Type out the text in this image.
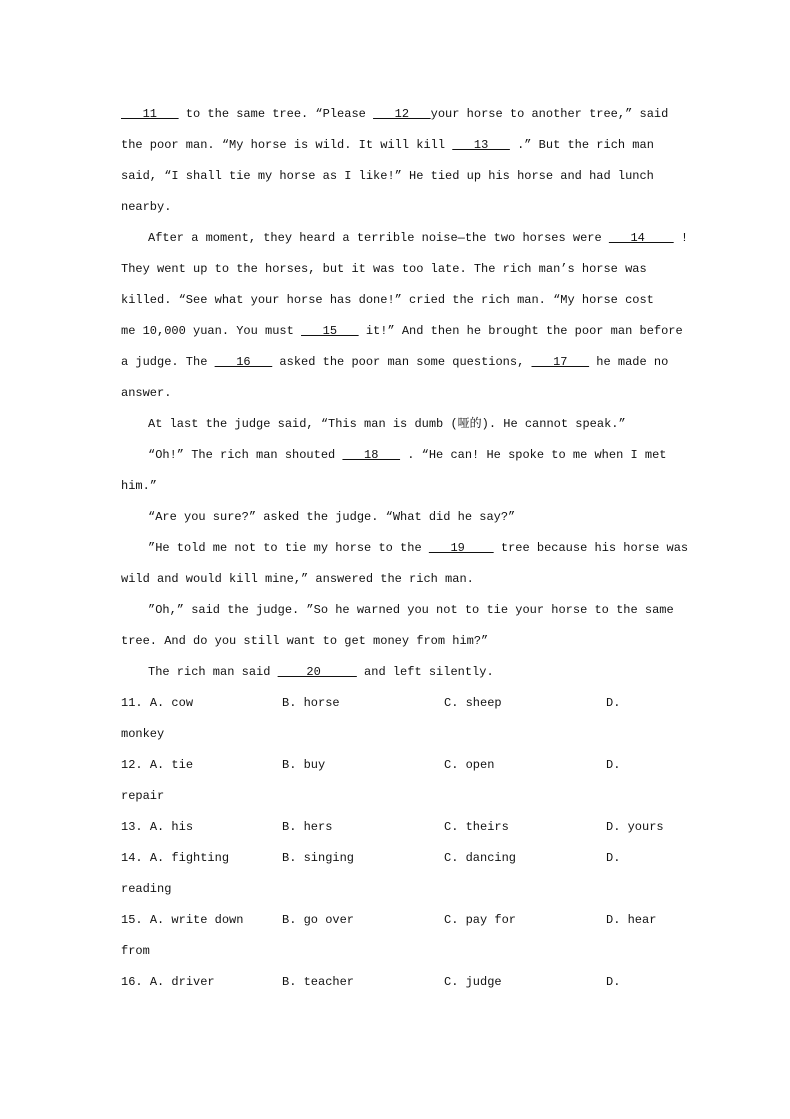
11    to the same tree. “Please    12   your horse to another tree,” said
the poor man. “My horse is wild. It will kill    13    .” But the rich man
said, “I shall tie my horse as I like!” He tied up his horse and had lunch
nearby.
After a moment, they heard a terrible noise—the two horses were    14     !
They went up to the horses, but it was too late. The rich man’s horse was
killed. “See what your horse has done!” cried the rich man. “My horse cost
me 10,000 yuan. You must    15    it!” And then he brought the poor man before
a judge. The    16    asked the poor man some questions,    17    he made no
answer.
At last the judge said, “This man is dumb (哑的). He cannot speak.”
“Oh!” The rich man shouted    18    . “He can! He spoke to me when I met
him.”
“Are you sure?” asked the judge. “What did he say?”
”He told me not to tie my horse to the    19     tree because his horse was
wild and would kill mine,” answered the rich man.
”Oh,” said the judge. ”So he warned you not to tie your horse to the same
tree. And do you still want to get money from him?”
The rich man said     20      and left silently.
11. A. cow	B. horse	C. sheep	D.
monkey
12. A. tie	B. buy	C. open	D.
repair
13. A. his	B. hers	C. theirs	D. yours
14. A. fighting	B. singing	C. dancing	D.
reading
15. A. write down	B. go over	C. pay for	D. hear
from
16. A. driver	B. teacher	C. judge	D.
